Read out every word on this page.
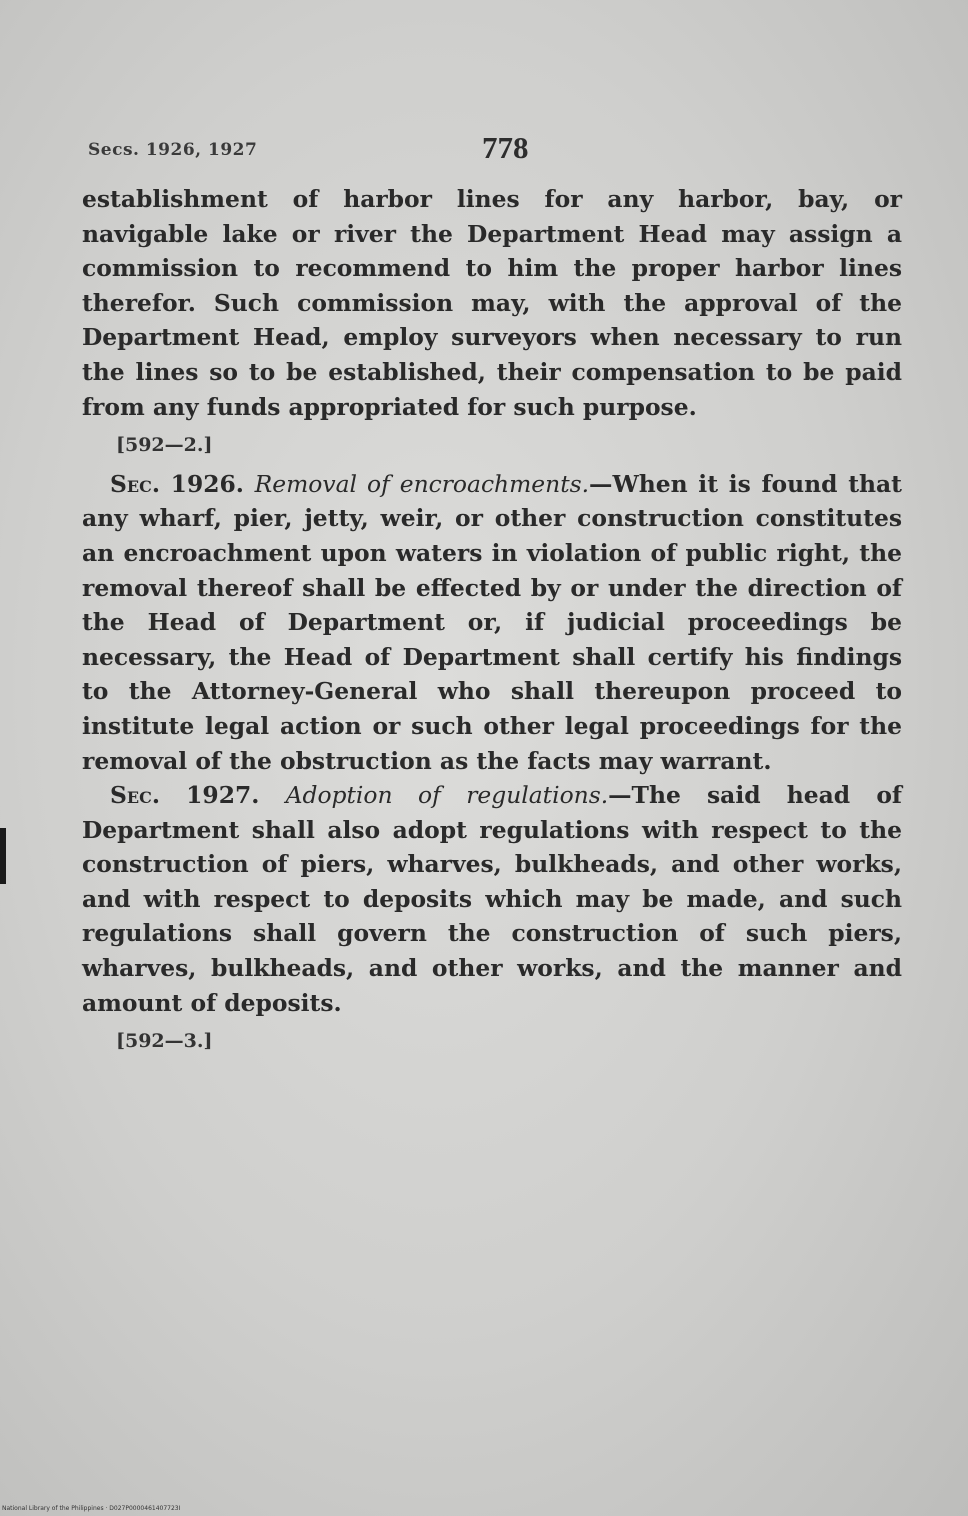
Secs. 1926, 1927	778

establishment of harbor lines for any harbor, bay, or navigable lake or river the Department Head may assign a commission to recommend to him the proper harbor lines therefor. Such commission may, with the approval of the Department Head, employ surveyors when necessary to run the lines so to be established, their compensation to be paid from any funds appropriated for such purpose.

[592—2.]

Sec. 1926. Removal of encroachments.—When it is found that any wharf, pier, jetty, weir, or other construction constitutes an encroachment upon waters in violation of public right, the removal thereof shall be effected by or under the direction of the Head of Department or, if judicial proceedings be necessary, the Head of Department shall certify his findings to the Attorney-General who shall thereupon proceed to institute legal action or such other legal proceedings for the removal of the obstruction as the facts may warrant.

Sec. 1927. Adoption of regulations.—The said head of Department shall also adopt regulations with respect to the construction of piers, wharves, bulkheads, and other works, and with respect to deposits which may be made, and such regulations shall govern the construction of such piers, wharves, bulkheads, and other works, and the manner and amount of deposits.

[592—3.]

National Library of the Philippines · D027P0000461407723I
